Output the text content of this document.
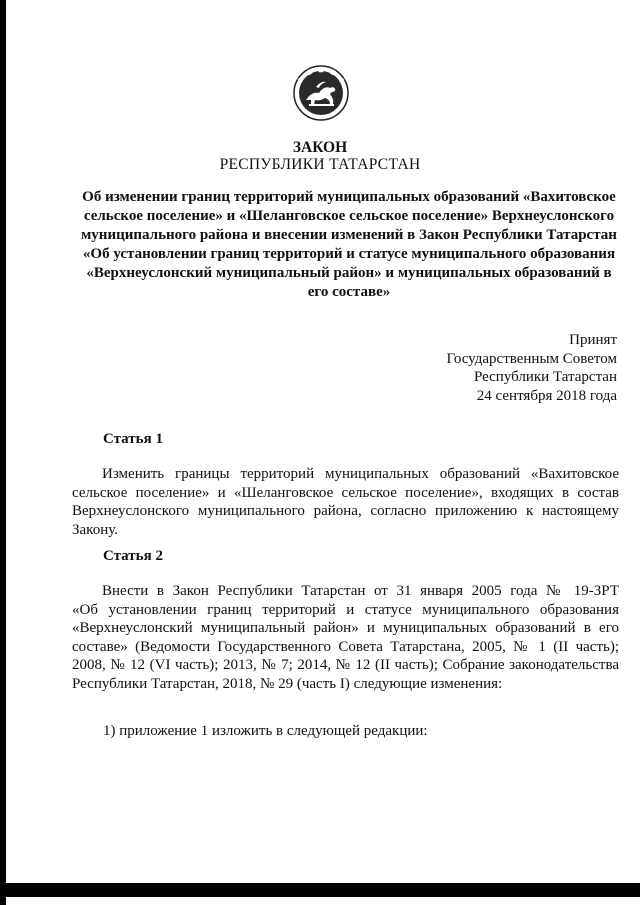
ЗАКОН
РЕСПУБЛИКИ ТАТАРСТАН
Об изменении границ территорий муниципальных образований «Вахитовское
сельское поселение» и «Шеланговское сельское поселение» Верхнеуслонского
муниципального района и внесении изменений в Закон Республики Татарстан
«Об установлении границ территорий и статусе муниципального образования
«Верхнеуслонский муниципальный район» и муниципальных образований в
его составе»
Принят
Государственным Советом
Республики Татарстан
24 сентября 2018 года
Статья 1
Изменить границы территорий муниципальных образований «Вахитовское
сельское поселение» и «Шеланговское сельское поселение», входящих в состав
Верхнеуслонского муниципального района, согласно приложению к настоящему
Закону.
Статья 2
Внести в Закон Республики Татарстан от 31 января 2005 года № 19-ЗРТ
«Об установлении границ территорий и статусе муниципального образования
«Верхнеуслонский муниципальный район» и муниципальных образований в его
составе» (Ведомости Государственного Совета Татарстана, 2005, № 1 (II часть);
2008, № 12 (VI часть); 2013, № 7; 2014, № 12 (II часть); Собрание законодательства
Республики Татарстан, 2018, № 29 (часть I) следующие изменения:
1) приложение 1 изложить в следующей редакции:
